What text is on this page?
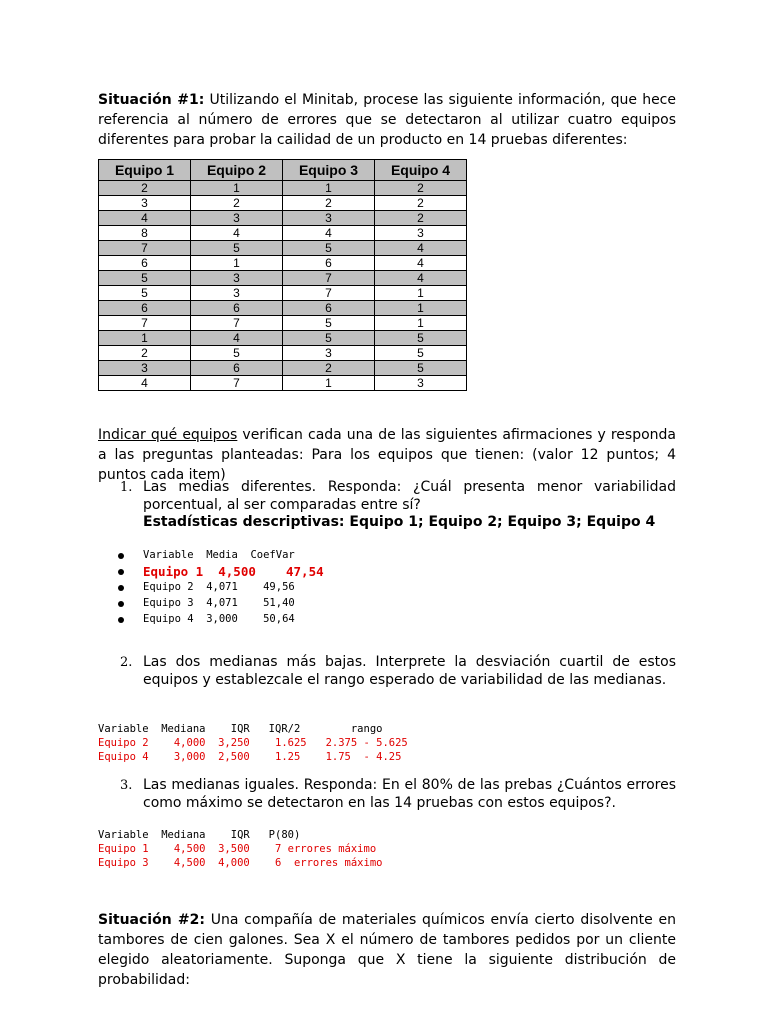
Situación #1: Utilizando el Minitab, procese las siguiente información, que hece referencia al número de errores que se detectaron al utilizar cuatro equipos diferentes para probar la cailidad de un producto en 14 pruebas diferentes:
Equipo 1	Equipo 2	Equipo 3	Equipo 4
2	1	1	2
3	2	2	2
4	3	3	2
8	4	4	3
7	5	5	4
6	1	6	4
5	3	7	4
5	3	7	1
6	6	6	1
7	7	5	1
1	4	5	5
2	5	3	5
3	6	2	5
4	7	1	3
Indicar qué equipos verifican cada una de las siguientes afirmaciones y responda a las preguntas planteadas: Para los equipos que tienen: (valor 12 puntos; 4 puntos cada item)
1. Las medias diferentes. Responda: ¿Cuál presenta menor variabilidad porcentual, al ser comparadas entre sí?
Estadísticas descriptivas: Equipo 1; Equipo 2; Equipo 3; Equipo 4
Variable  Media  CoefVar
Equipo 1  4,500    47,54
Equipo 2  4,071    49,56
Equipo 3  4,071    51,40
Equipo 4  3,000    50,64
2. Las dos medianas más bajas. Interprete la desviación cuartil de estos equipos y establezcale el rango esperado de variabilidad de las medianas.
Variable  Mediana    IQR   IQR/2        rango
Equipo 2    4,000  3,250    1.625   2.375 - 5.625
Equipo 4    3,000  2,500    1.25    1.75  - 4.25
3. Las medianas iguales. Responda: En el 80% de las prebas ¿Cuántos errores como máximo se detectaron en las 14 pruebas con estos equipos?.
Variable  Mediana    IQR   P(80)
Equipo 1    4,500  3,500    7 errores máximo
Equipo 3    4,500  4,000    6  errores máximo
Situación #2: Una compañía de materiales químicos envía cierto disolvente en tambores de cien galones. Sea X el número de tambores pedidos por un cliente elegido aleatoriamente. Suponga que X tiene la siguiente distribución de probabilidad:
